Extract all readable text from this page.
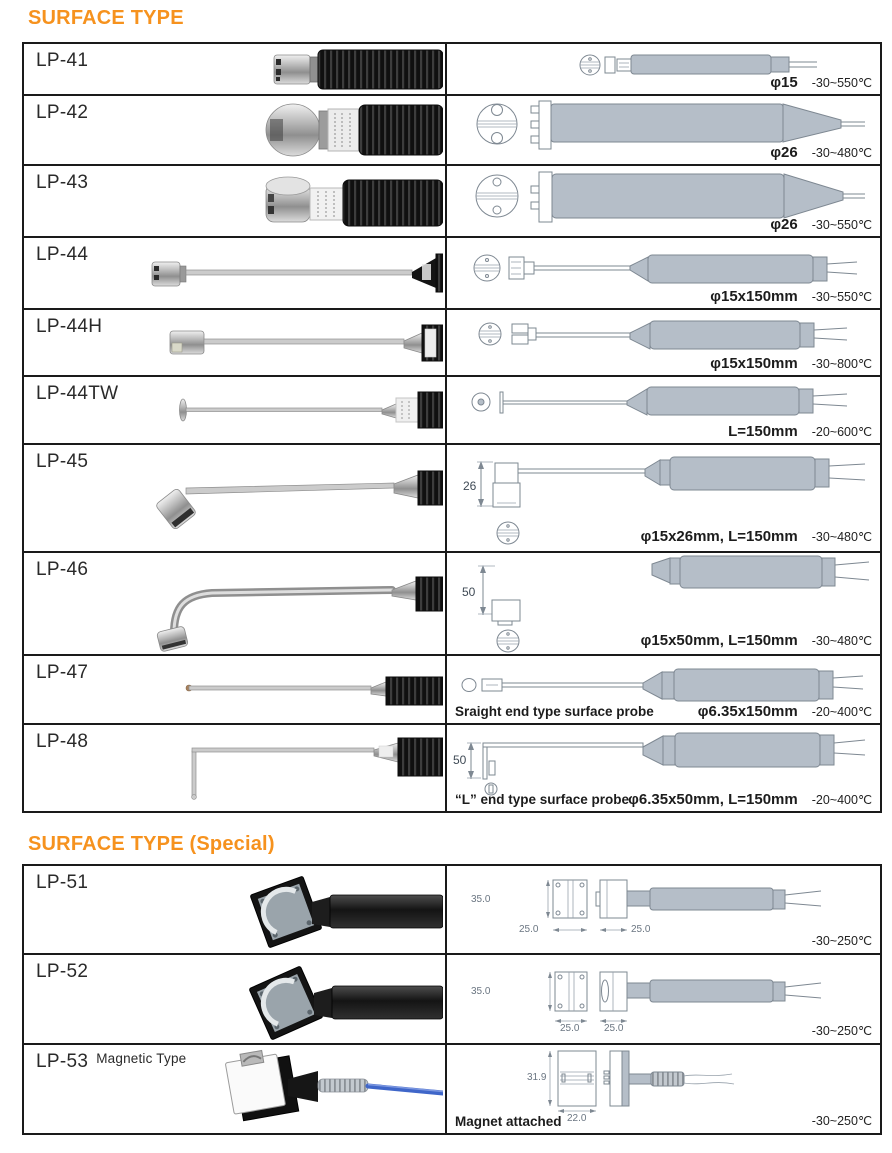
SURFACE TYPE
LP-41
φ15 -30~550℃
LP-42
φ26 -30~480℃
LP-43
φ26 -30~550℃
LP-44
φ15x150mm -30~550℃
LP-44H
φ15x150mm -30~800℃
LP-44TW
L=150mm -20~600℃
LP-45
26
φ15x26mm, L=150mm -30~480℃
LP-46
50
φ15x50mm, L=150mm -30~480℃
LP-47
Sraight end type surface probe	φ6.35x150mm -20~400℃
LP-48
50
“L” end type surface probe φ6.35x50mm, L=150mm -20~400℃
SURFACE TYPE (Special)
LP-51
35.0
25.0	25.0
-30~250℃
LP-52
35.0
25.0 25.0	-30~250℃
LP-53 $^{Magnetic Type}$
31.9
22.0
Magnet attached	-30~250℃
